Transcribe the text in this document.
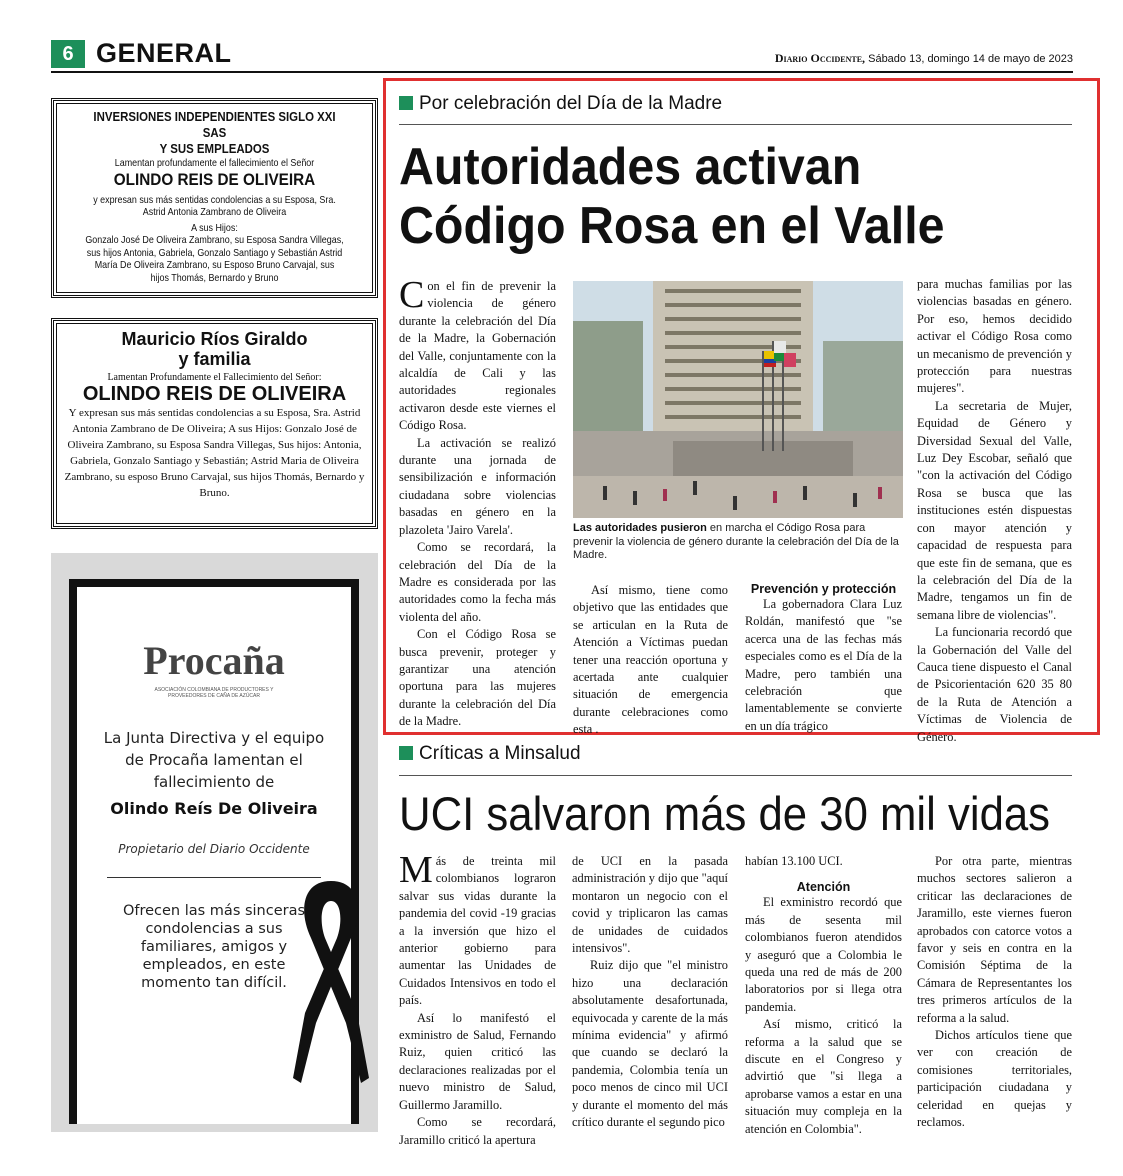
6 GENERAL	Diario Occidente, Sábado 13, domingo 14 de mayo de 2023
INVERSIONES INDEPENDIENTES SIGLO XXI SAS
Y SUS EMPLEADOS
Lamentan profundamente el fallecimiento el Señor
OLINDO REIS DE OLIVEIRA
y expresan sus más sentidas condolencias a su Esposa, Sra. Astrid Antonia Zambrano de Oliveira
A sus Hijos:
Gonzalo José De Oliveira Zambrano, su Esposa Sandra Villegas, sus hijos Antonia, Gabriela, Gonzalo Santiago y Sebastián Astrid María De Oliveira Zambrano, su Esposo Bruno Carvajal, sus hijos Thomás, Bernardo y Bruno
Mauricio Ríos Giraldo
y familia
Lamentan Profundamente el Fallecimiento del Señor:
OLINDO REIS DE OLIVEIRA
Y expresan sus más sentidas condolencias a su Esposa, Sra. Astrid Antonia Zambrano de De Oliveira; A sus Hijos: Gonzalo José de Oliveira Zambrano, su Esposa Sandra Villegas, Sus hijos: Antonia, Gabriela, Gonzalo Santiago y Sebastián; Astrid Maria de Oliveira Zambrano, su esposo Bruno Carvajal, sus hijos Thomás, Bernardo y Bruno.
Procaña
ASOCIACIÓN COLOMBIANA DE PRODUCTORES Y PROVEEDORES DE CAÑA DE AZÚCAR
La Junta Directiva y el equipo de Procaña lamentan el fallecimiento de
Olindo Reís De Oliveira
Propietario del Diario Occidente
Ofrecen las más sinceras condolencias a sus familiares, amigos y empleados, en este momento tan difícil.
Por celebración del Día de la Madre
Autoridades activan
Código Rosa en el Valle

Con el fin de prevenir la violencia de género durante la celebración del Día de la Madre, la Gobernación del Valle, conjuntamente con la alcaldía de Cali y las autoridades regionales activaron desde este viernes el Código Rosa.

La activación se realizó durante una jornada de sensibilización e información ciudadana sobre violencias basadas en género en la plazoleta 'Jairo Varela'.

Como se recordará, la celebración del Día de la Madre es considerada por las autoridades como la fecha más violenta del año.

Con el Código Rosa se busca prevenir, proteger y garantizar una atención oportuna para las mujeres durante la celebración del Día de la Madre.

Las autoridades pusieron en marcha el Código Rosa para prevenir la violencia de género durante la celebración del Día de la Madre.

Así mismo, tiene como objetivo que las entidades que se articulan en la Ruta de Atención a Víctimas puedan tener una reacción oportuna y acertada ante cualquier situación de emergencia durante celebraciones como esta .

Prevención y protección

La gobernadora Clara Luz Roldán, manifestó que "se acerca una de las fechas más especiales como es el Día de la Madre, pero también una celebración que lamentablemente se convierte en un día trágico

para muchas familias por las violencias basadas en género. Por eso, hemos decidido activar el Código Rosa como un mecanismo de prevención y protección para nuestras mujeres".

La secretaria de Mujer, Equidad de Género y Diversidad Sexual del Valle, Luz Dey Escobar, señaló que "con la activación del Código Rosa se busca que las instituciones estén dispuestas con mayor atención y capacidad de respuesta para que este fin de semana, que es la celebración del Día de la Madre, tengamos un fin de semana libre de violencias".

La funcionaria recordó que la Gobernación del Valle del Cauca tiene dispuesto el Canal de Psicorientación 620 35 80 de la Ruta de Atención a Víctimas de Violencia de Género.

Críticas a Minsalud
UCI salvaron más de 30 mil vidas

Más de treinta mil colombianos lograron salvar sus vidas durante la pandemia del covid -19 gracias a la inversión que hizo el anterior gobierno para aumentar las Unidades de Cuidados Intensivos en todo el país.

Así lo manifestó el exministro de Salud, Fernando Ruiz, quien criticó las declaraciones realizadas por el nuevo ministro de Salud, Guillermo Jaramillo.

Como se recordará, Jaramillo criticó la apertura

de UCI en la pasada administración y dijo que "aquí montaron un negocio con el covid y triplicaron las camas de unidades de cuidados intensivos".

Ruiz dijo que "el ministro hizo una declaración absolutamente desafortunada, equivocada y carente de la más mínima evidencia" y afirmó que cuando se declaró la pandemia, Colombia tenía un poco menos de cinco mil UCI y durante el momento del más crítico durante el segundo pico

habían 13.100 UCI.

Atención

El exministro recordó que más de sesenta mil colombianos fueron atendidos y aseguró que a Colombia le queda una red de más de 200 laboratorios por si llega otra pandemia.

Así mismo, criticó la reforma a la salud que se discute en el Congreso y advirtió que "si llega a aprobarse vamos a estar en una situación muy compleja en la atención en Colombia".

Por otra parte, mientras muchos sectores salieron a criticar las declaraciones de Jaramillo, este viernes fueron aprobados con catorce votos a favor y seis en contra en la Comisión Séptima de la Cámara de Representantes los tres primeros artículos de la reforma a la salud.

Dichos artículos tiene que ver con creación de comisiones territoriales, participación ciudadana y celeridad en quejas y reclamos.
